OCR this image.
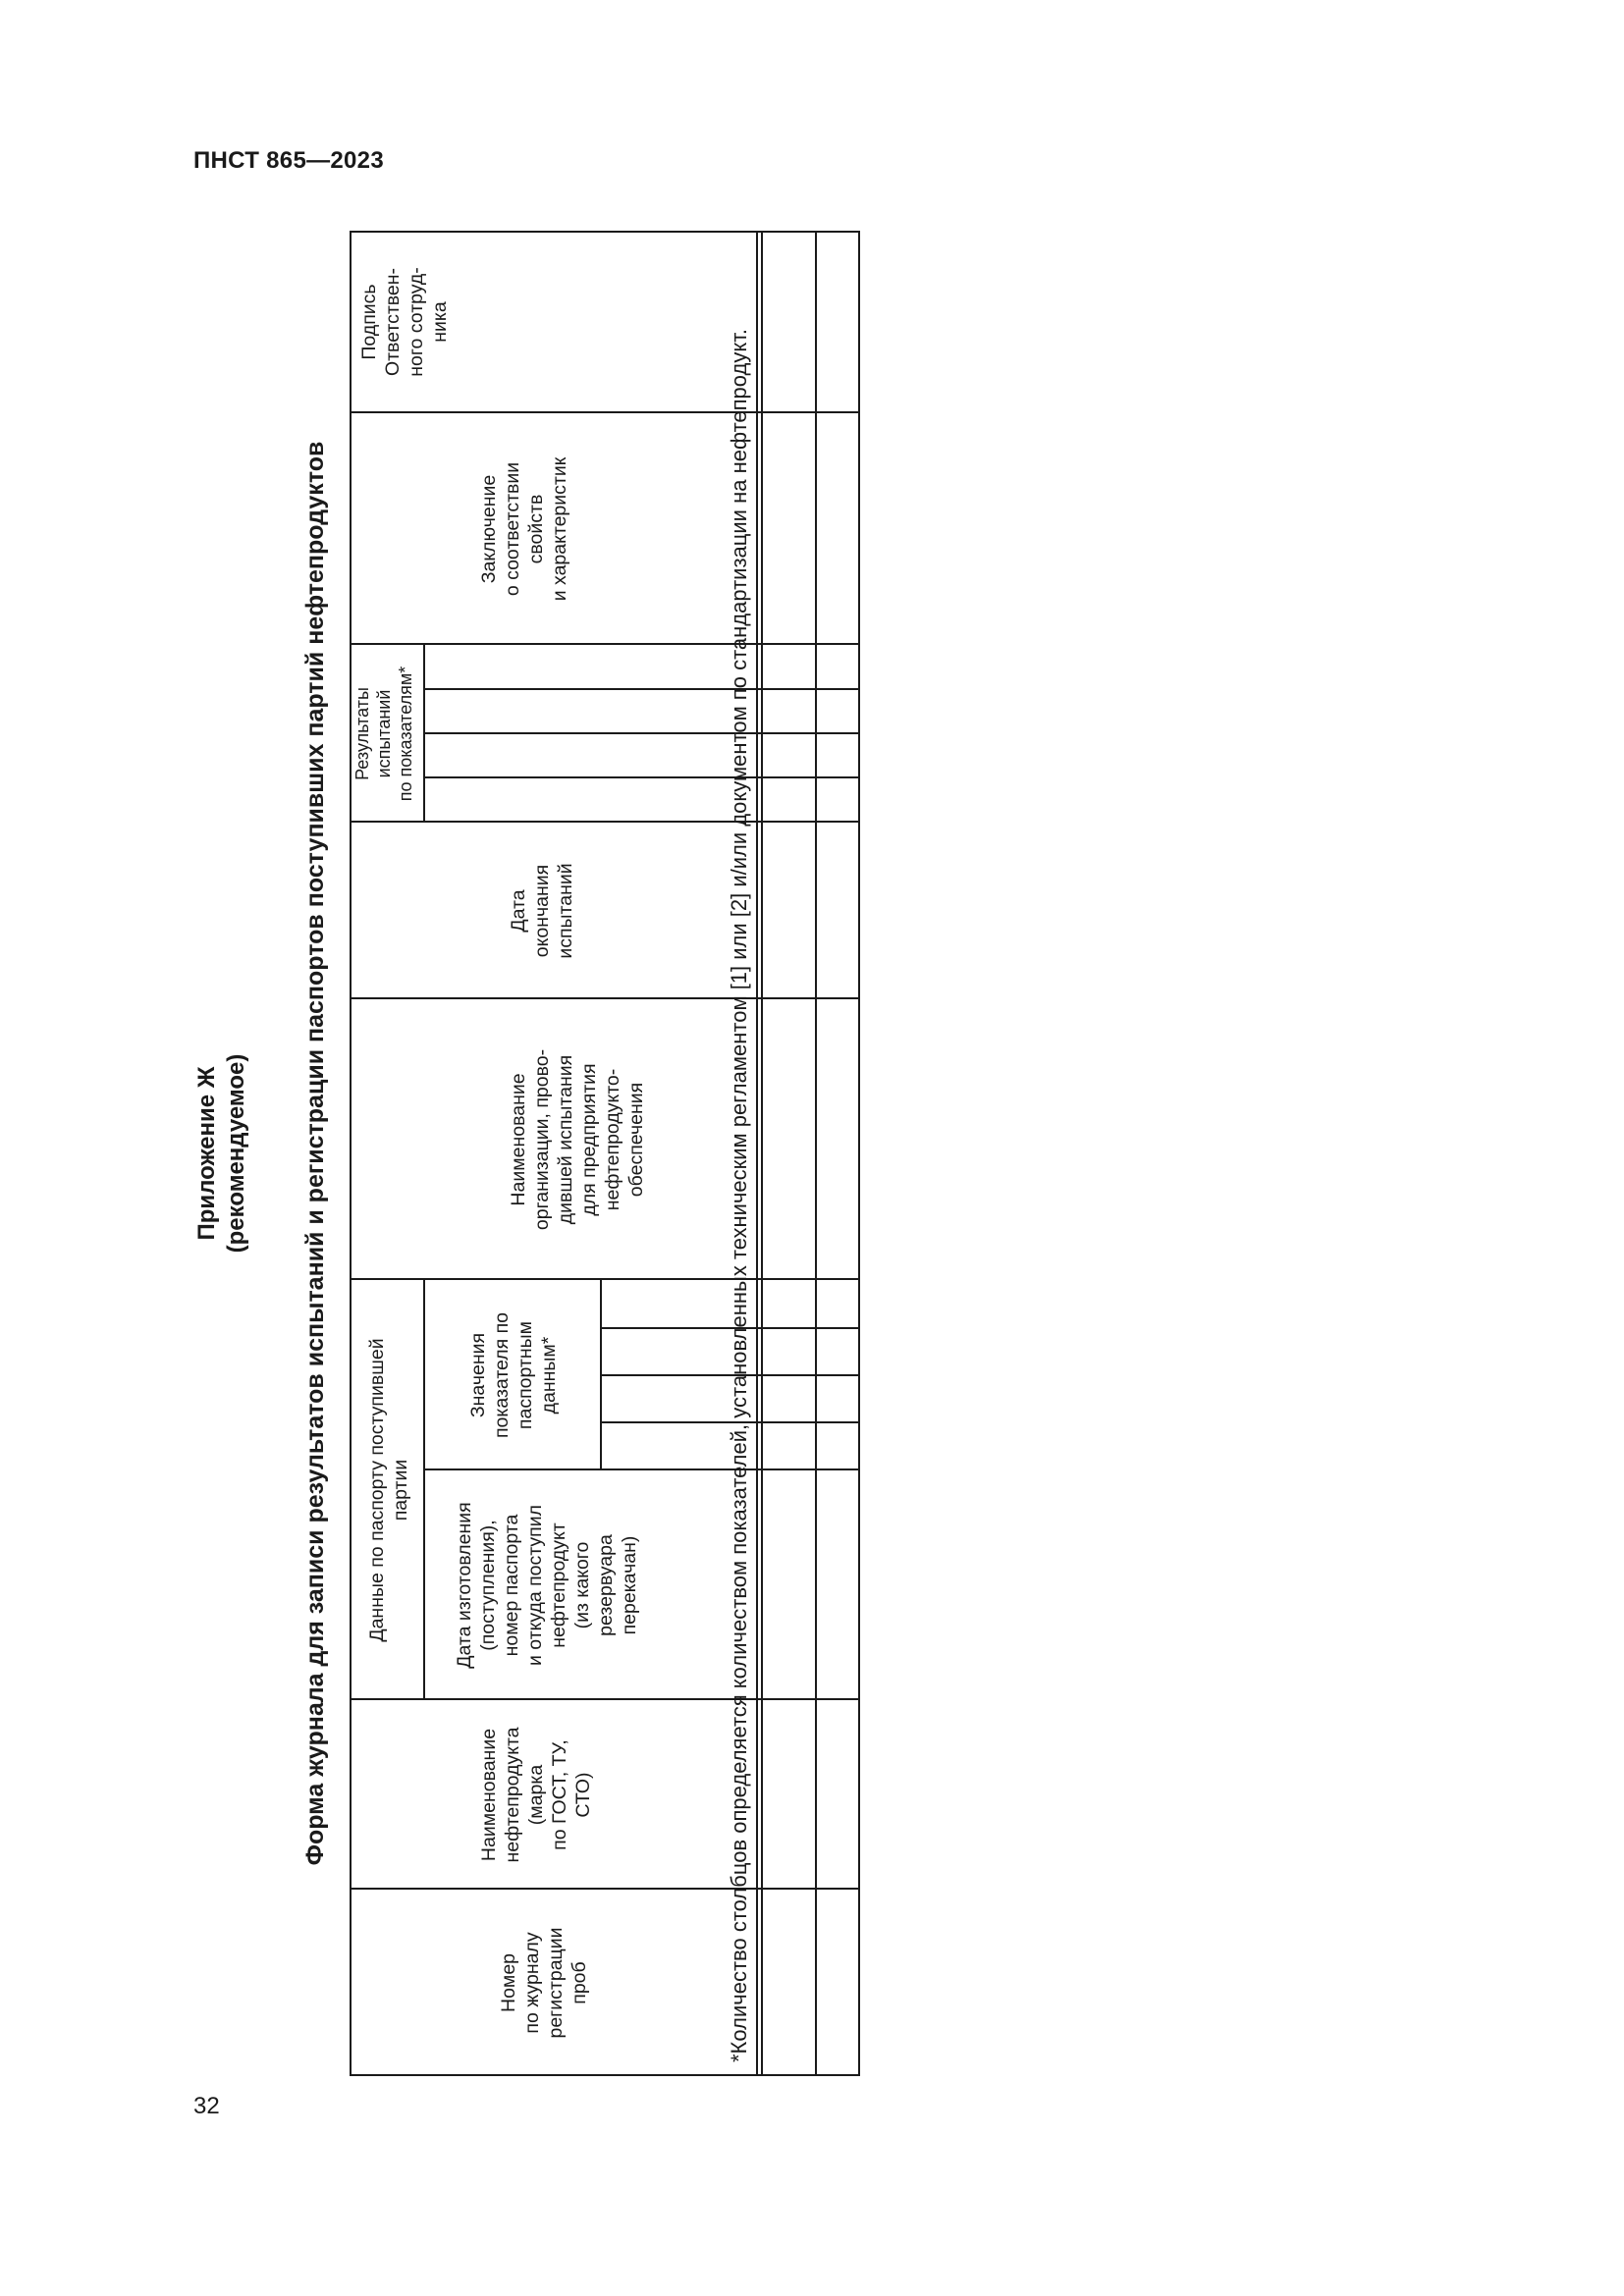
ПНСТ 865—2023
32
Приложение Ж (рекомендуемое) Форма журнала для записи результатов испытаний и регистрации паспортов поступивших партий нефтепродуктов
Номер
по журналу
регистрации
проб
Наименование
нефтепродукта
(марка
по ГОСТ, ТУ,
СТО)
Данные по паспорту поступившей
партии
Дата изготовления
(поступления),
номер паспорта
и откуда поступил
нефтепродукт
(из какого
резервуара
перекачан)
Значения
показателя по
паспортным
данным*
Наименование
организации, прово-
дившей испытания
для предприятия
нефтепродукто-
обеспечения
Дата
окончания
испытаний
Результаты
испытаний
по показателям*
Заключение
о соответствии
свойств
и характеристик
Подпись
Ответствен-
ного сотруд-
ника
*Количество столбцов определяется количеством показателей, установленных техническим регламентом [1] или [2] и/или документом по стандартизации на нефтепродукт.
